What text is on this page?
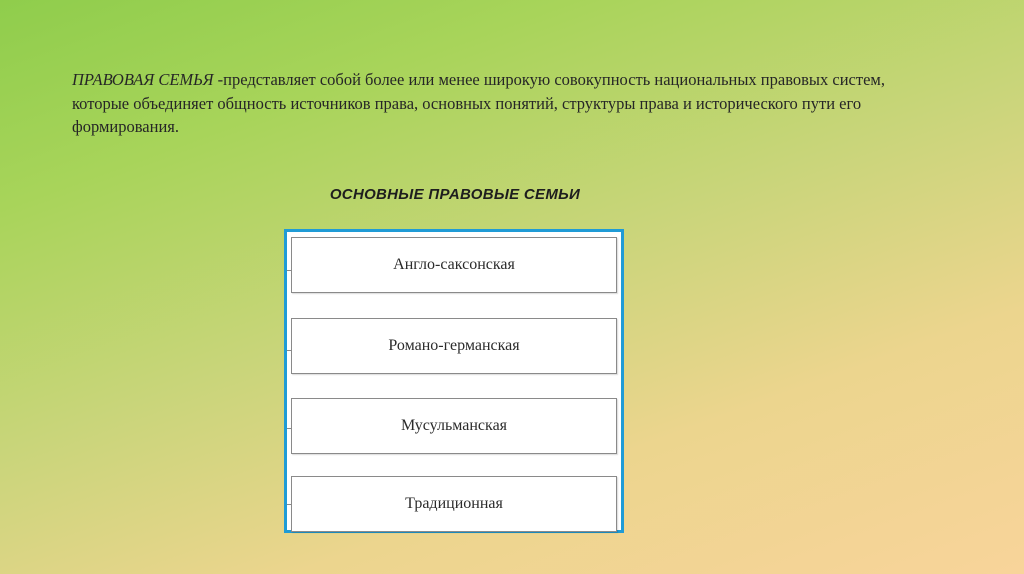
ПРАВОВАЯ СЕМЬЯ -представляет собой более или менее широкую совокупность национальных правовых систем, которые объединяет общность источников права, основных понятий, структуры права и исторического пути его формирования.
ОСНОВНЫЕ ПРАВОВЫЕ СЕМЬИ
Англо-саксонская
Романо-германская
Мусульманская
Традиционная
